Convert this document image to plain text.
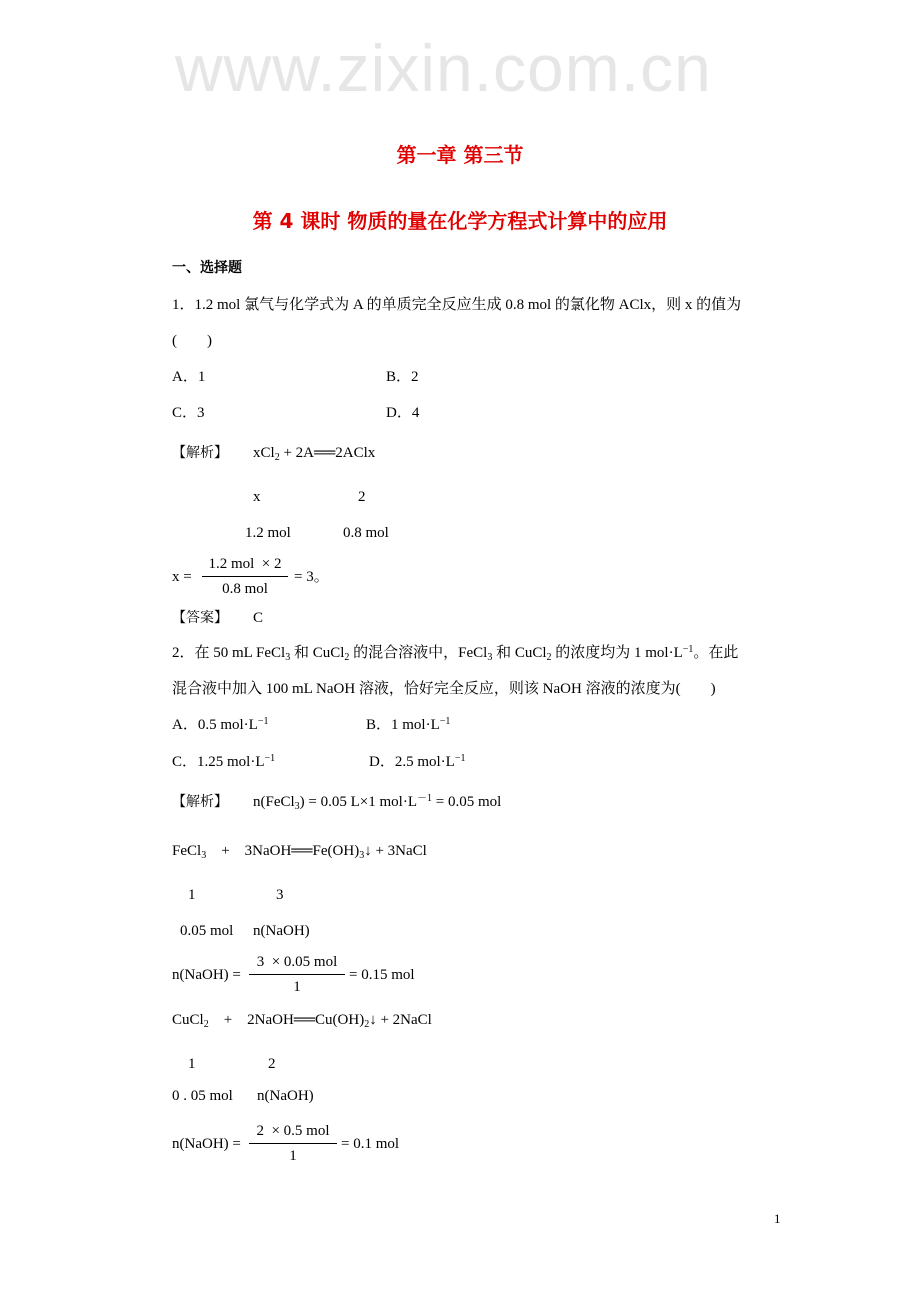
www.zixin.com.cn
第一章 第三节
第 4 课时 物质的量在化学方程式计算中的应用
一、选择题
1．1.2 mol 氯气与化学式为 A 的单质完全反应生成 0.8 mol 的氯化物 AClx，则 x 的值为
(　　)
A．1	B．2
C．3	D．4
【解析】 xCl$_2$ + 2A══2AClx
x	2
1.2 mol	0.8 mol
x =
1.2 mol  × 2
0.8 mol
= 3。
【答案】 C
2．在 50 mL FeCl$_3$ 和 CuCl$_2$ 的混合溶液中，FeCl$_3$ 和 CuCl$_2$ 的浓度均为 1 $mol\cdot L^{-1}$。在此
混合液中加入 100 mL NaOH 溶液，恰好完全反应，则该 NaOH 溶液的浓度为(　　)
A．0.5 $mol\cdot L^{-1}$	B．1 $mol\cdot L^{-1}$
C．1.25 $mol\cdot L^{-1}$	D．2.5 $mol\cdot L^{-1}$
【解析】 n(FeCl$_3$) = 0.05 L×1 $mol\cdot L^{-1} = 0.05$ mol
FeCl$_3$    +    $3NaOH══Fe(OH)_3↓$ + 3NaCl
1	3
0.05 mol n(NaOH)
n(NaOH) =
3  × 0.05 mol
1
= 0.15 mol
CuCl$_2$    +    $2NaOH══Cu(OH)_2↓$ + 2NaCl
1	2
0 . 05 mol n(NaOH)
n(NaOH) =
2  × 0.5 mol
1
= 0.1 mol
1
